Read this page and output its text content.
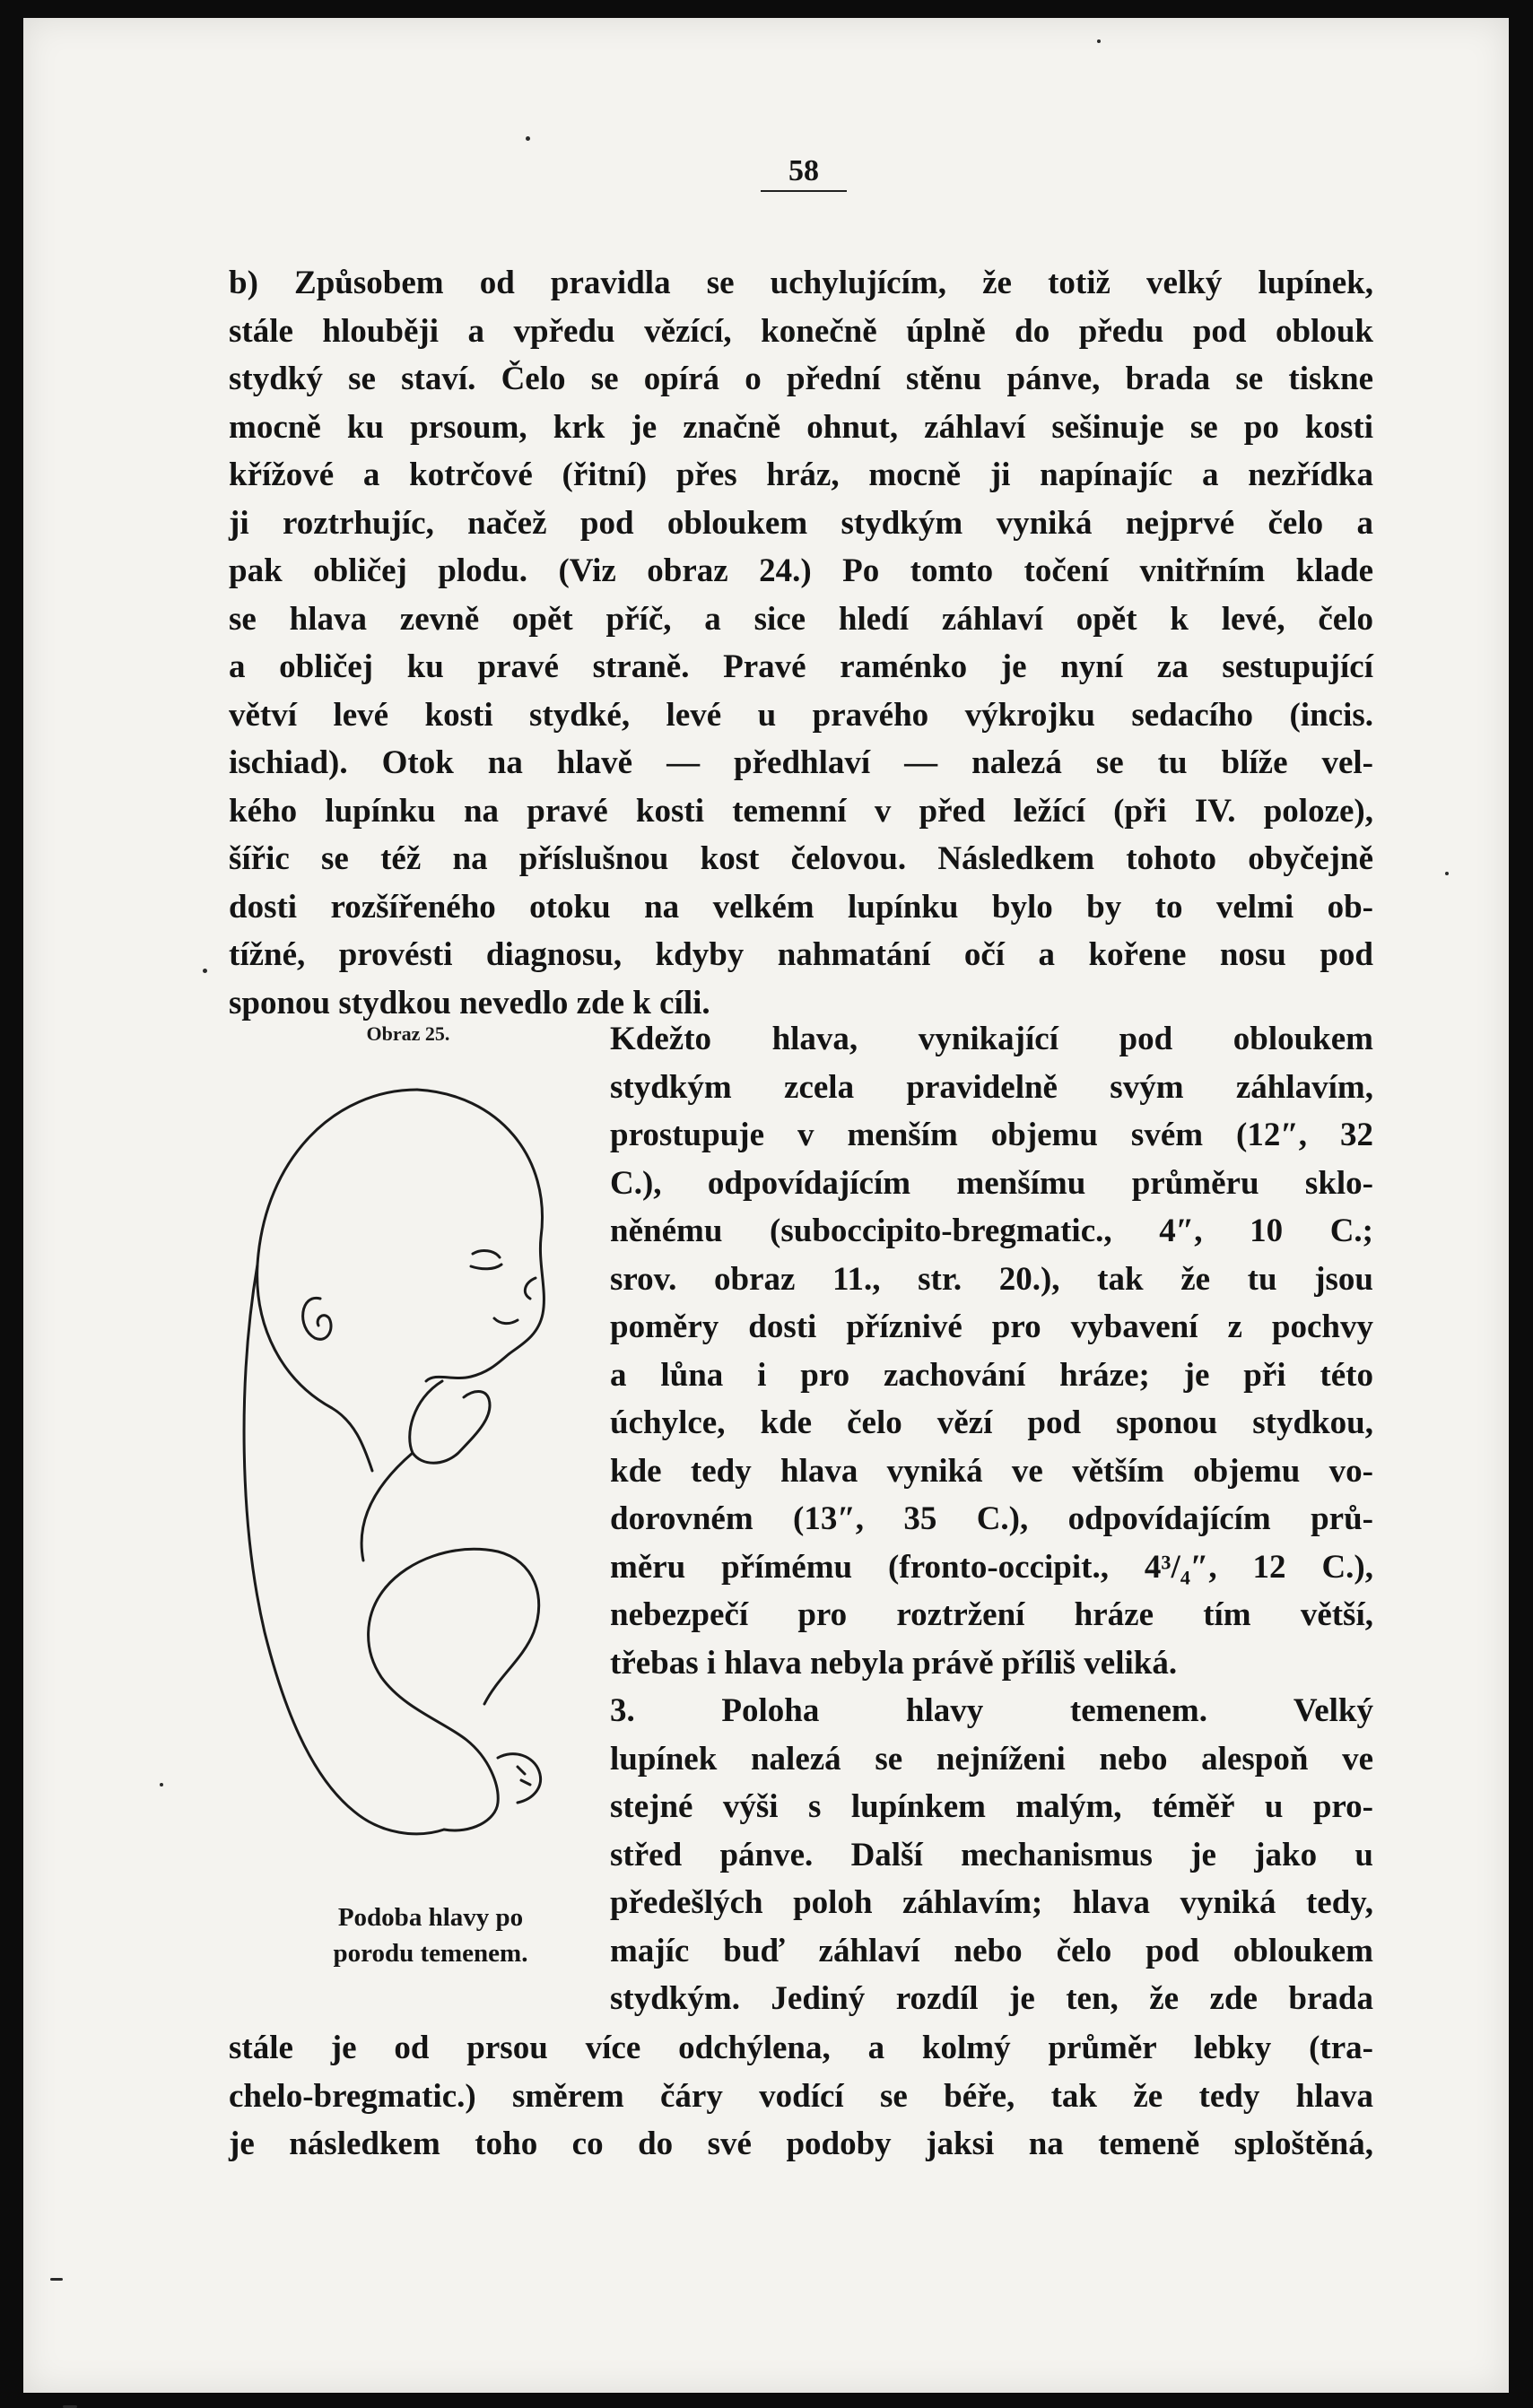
58

b) Způsobem od pravidla se uchylujícím, že totiž velký lupínek,

stále hlouběji a vpředu vězící, konečně úplně do předu pod oblouk

stydký se staví. Čelo se opírá o přední stěnu pánve, brada se tiskne

mocně ku prsoum, krk je značně ohnut, záhlaví sešinuje se po kosti

křížové a kotrčové (řitní) přes hráz, mocně ji napínajíc a nezřídka

ji roztrhujíc, načež pod obloukem stydkým vyniká nejprvé čelo a

pak obličej plodu. (Viz obraz 24.) Po tomto točení vnitřním klade

se hlava zevně opět příč, a sice hledí záhlaví opět k levé, čelo

a obličej ku pravé straně. Pravé raménko je nyní za sestupující

větví levé kosti stydké, levé u pravého výkrojku sedacího (incis.

ischiad). Otok na hlavě — předhlaví — nalezá se tu blíže vel-

kého lupínku na pravé kosti temenní v před ležící (při IV. poloze),

šířic se též na příslušnou kost čelovou. Následkem tohoto obyčejně

dosti rozšířeného otoku na velkém lupínku bylo by to velmi ob-

tížné, provésti diagnosu, kdyby nahmatání očí a kořene nosu pod

sponou stydkou nevedlo zde k cíli.

Kdežto hlava, vynikající pod obloukem

stydkým zcela pravidelně svým záhlavím,

prostupuje v menším objemu svém (12″, 32

C.), odpovídajícím menšímu průměru sklo-

něnému (suboccipito-bregmatic., 4″, 10 C.;

srov. obraz 11., str. 20.), tak že tu jsou

poměry dosti příznivé pro vybavení z pochvy

a lůna i pro zachování hráze; je při této

úchylce, kde čelo vězí pod sponou stydkou,

kde tedy hlava vyniká ve větším objemu vo-

dorovném (13″, 35 C.), odpovídajícím prů-

měru přímému (fronto-occipit., 4³/₄″, 12 C.),

nebezpečí pro roztržení hráze tím větší,

třebas i hlava nebyla právě příliš veliká.

3. Poloha hlavy temenem. Velký

lupínek nalezá se nejníženi nebo alespoň ve

stejné výši s lupínkem malým, téměř u pro-

střed pánve. Další mechanismus je jako u

předešlých poloh záhlavím; hlava vyniká tedy,

majíc buď záhlaví nebo čelo pod obloukem

stydkým. Jediný rozdíl je ten, že zde brada

stále je od prsou více odchýlena, a kolmý průměr lebky (tra-

chelo-bregmatic.) směrem čáry vodící se béře, tak že tedy hlava

je následkem toho co do své podoby jaksi na temeně sploštěná,

Obraz 25.

Podoba hlavy po
porodu temenem.
